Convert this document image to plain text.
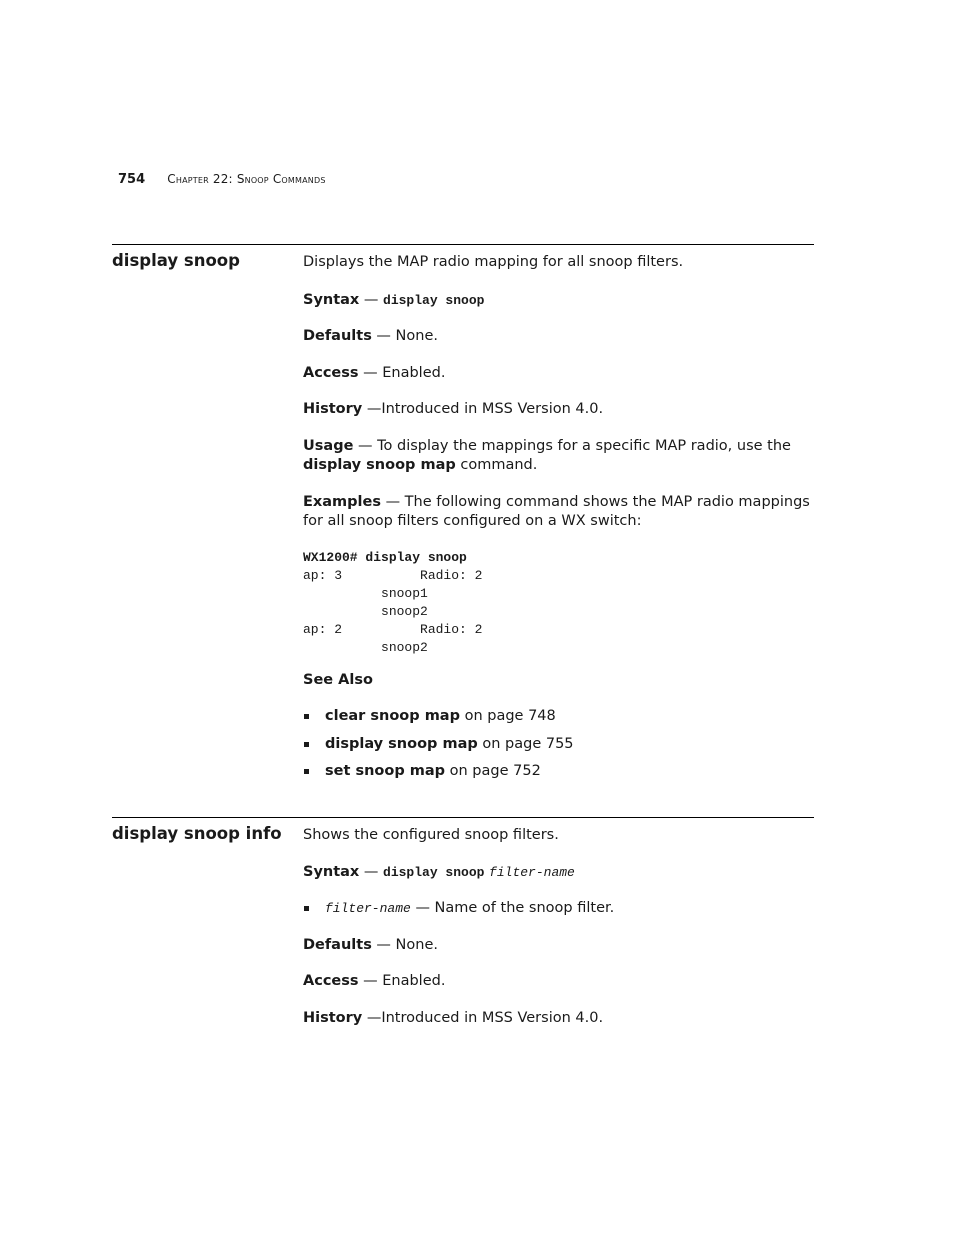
754 Chapter 22: Snoop Commands
display snoop	Displays the MAP radio mapping for all snoop filters.

Syntax — display snoop

Defaults — None.

Access — Enabled.

History —Introduced in MSS Version 4.0.

Usage — To display the mappings for a specific MAP radio, use the display snoop map command.

Examples — The following command shows the MAP radio mappings for all snoop filters configured on a WX switch:

WX1200# display snoop
ap: 3          Radio: 2
snoop1
snoop2
ap: 2          Radio: 2
snoop2

See Also

clear snoop map on page 748
display snoop map on page 755
set snoop map on page 752
display snoop info Shows the configured snoop filters.

Syntax — display snoop filter-name

filter-name — Name of the snoop filter.

Defaults — None.

Access — Enabled.

History —Introduced in MSS Version 4.0.
